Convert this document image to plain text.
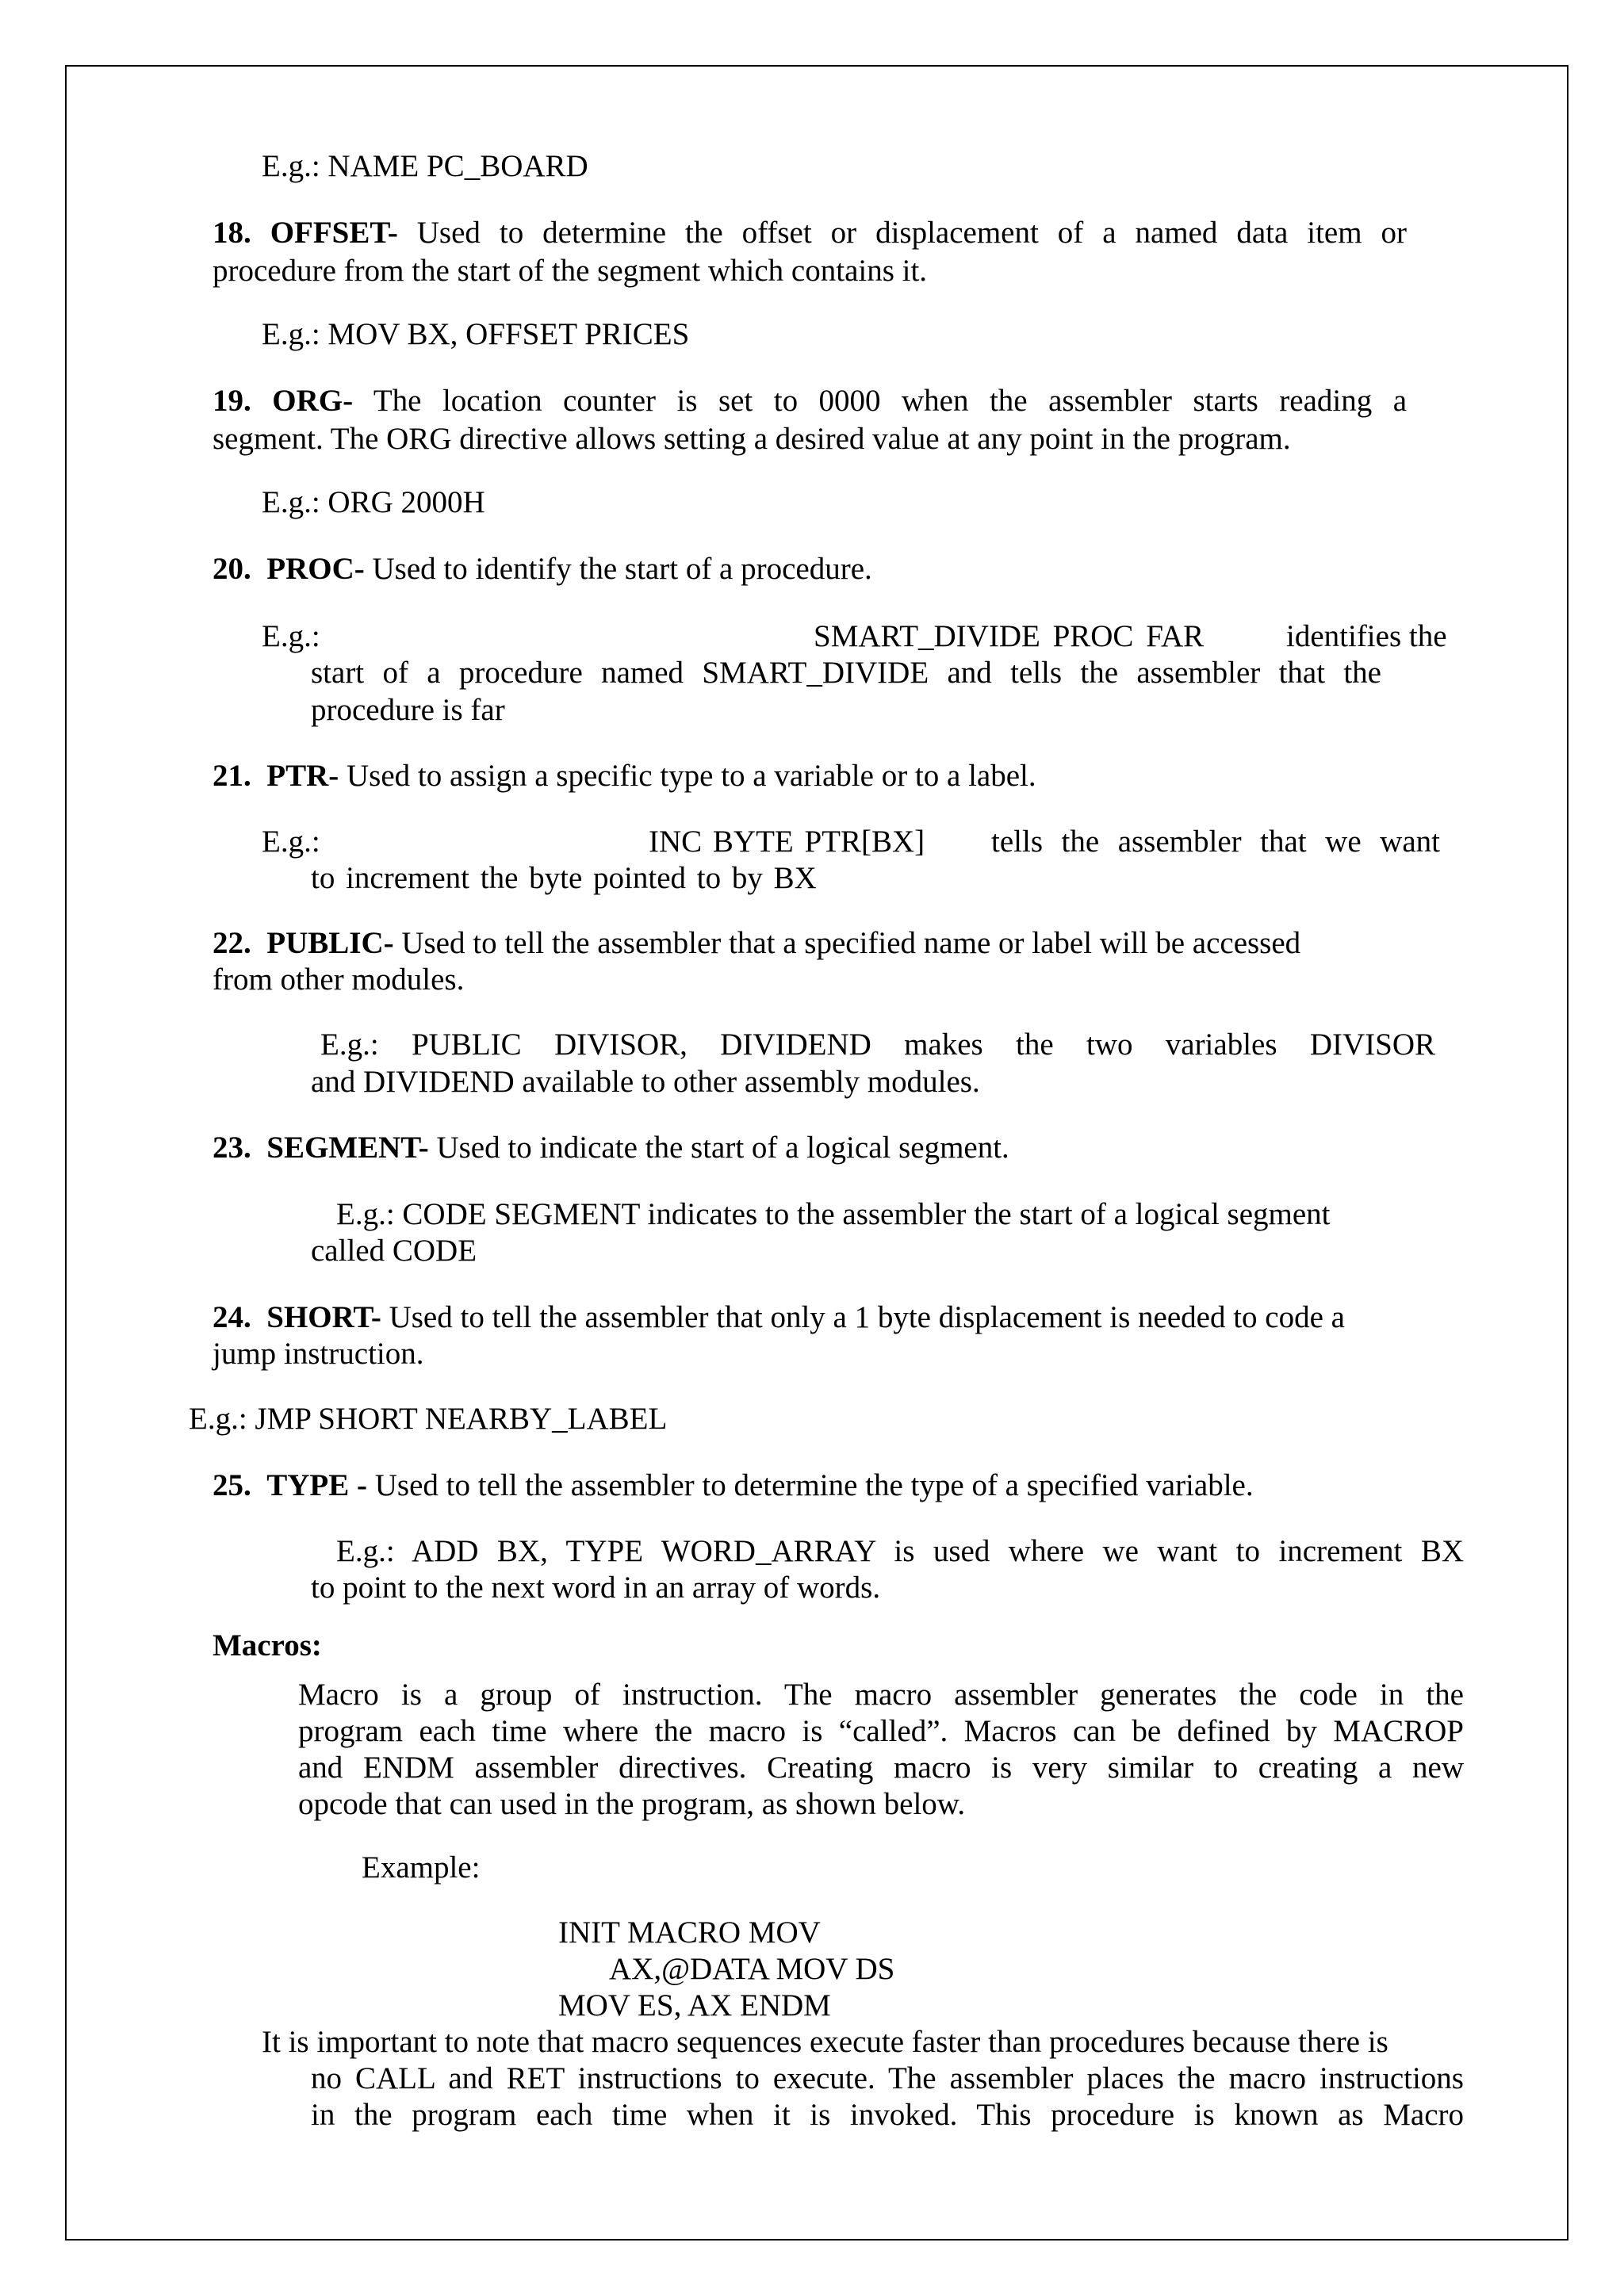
E.g.: NAME PC_BOARD
18. OFFSET- Used to determine the offset or displacement of a named data item or
procedure from the start of the segment which contains it.
E.g.: MOV BX, OFFSET PRICES
19. ORG- The location counter is set to 0000 when the assembler starts reading a
segment. The ORG directive allows setting a desired value at any point in the program.
E.g.: ORG 2000H
20. PROC- Used to identify the start of a procedure.
E.g.:	SMART_DIVIDE PROC FAR	identifies the
start of a procedure named SMART_DIVIDE and tells the assembler that the
procedure is far
21. PTR- Used to assign a specific type to a variable or to a label.
E.g.:	INC BYTE PTR[BX] tells the assembler that we want
to increment the byte pointed to by BX
22. PUBLIC- Used to tell the assembler that a specified name or label will be accessed
from other modules.
E.g.: PUBLIC DIVISOR, DIVIDEND makes the two variables DIVISOR
and DIVIDEND available to other assembly modules.
23. SEGMENT- Used to indicate the start of a logical segment.
E.g.: CODE SEGMENT indicates to the assembler the start of a logical segment
called CODE
24. SHORT- Used to tell the assembler that only a 1 byte displacement is needed to code a
jump instruction.
E.g.: JMP SHORT NEARBY_LABEL
25. TYPE - Used to tell the assembler to determine the type of a specified variable.
E.g.: ADD BX, TYPE WORD_ARRAY is used where we want to increment BX
to point to the next word in an array of words.
Macros:
Macro is a group of instruction. The macro assembler generates the code in the
program each time where the macro is “called”. Macros can be defined by MACROP
and ENDM assembler directives. Creating macro is very similar to creating a new
opcode that can used in the program, as shown below.
Example:
INIT MACRO MOV
AX,@DATA MOV DS
MOV ES, AX ENDM
It is important to note that macro sequences execute faster than procedures because there is
no CALL and RET instructions to execute. The assembler places the macro instructions
in the program each time when it is invoked. This procedure is known as Macro
